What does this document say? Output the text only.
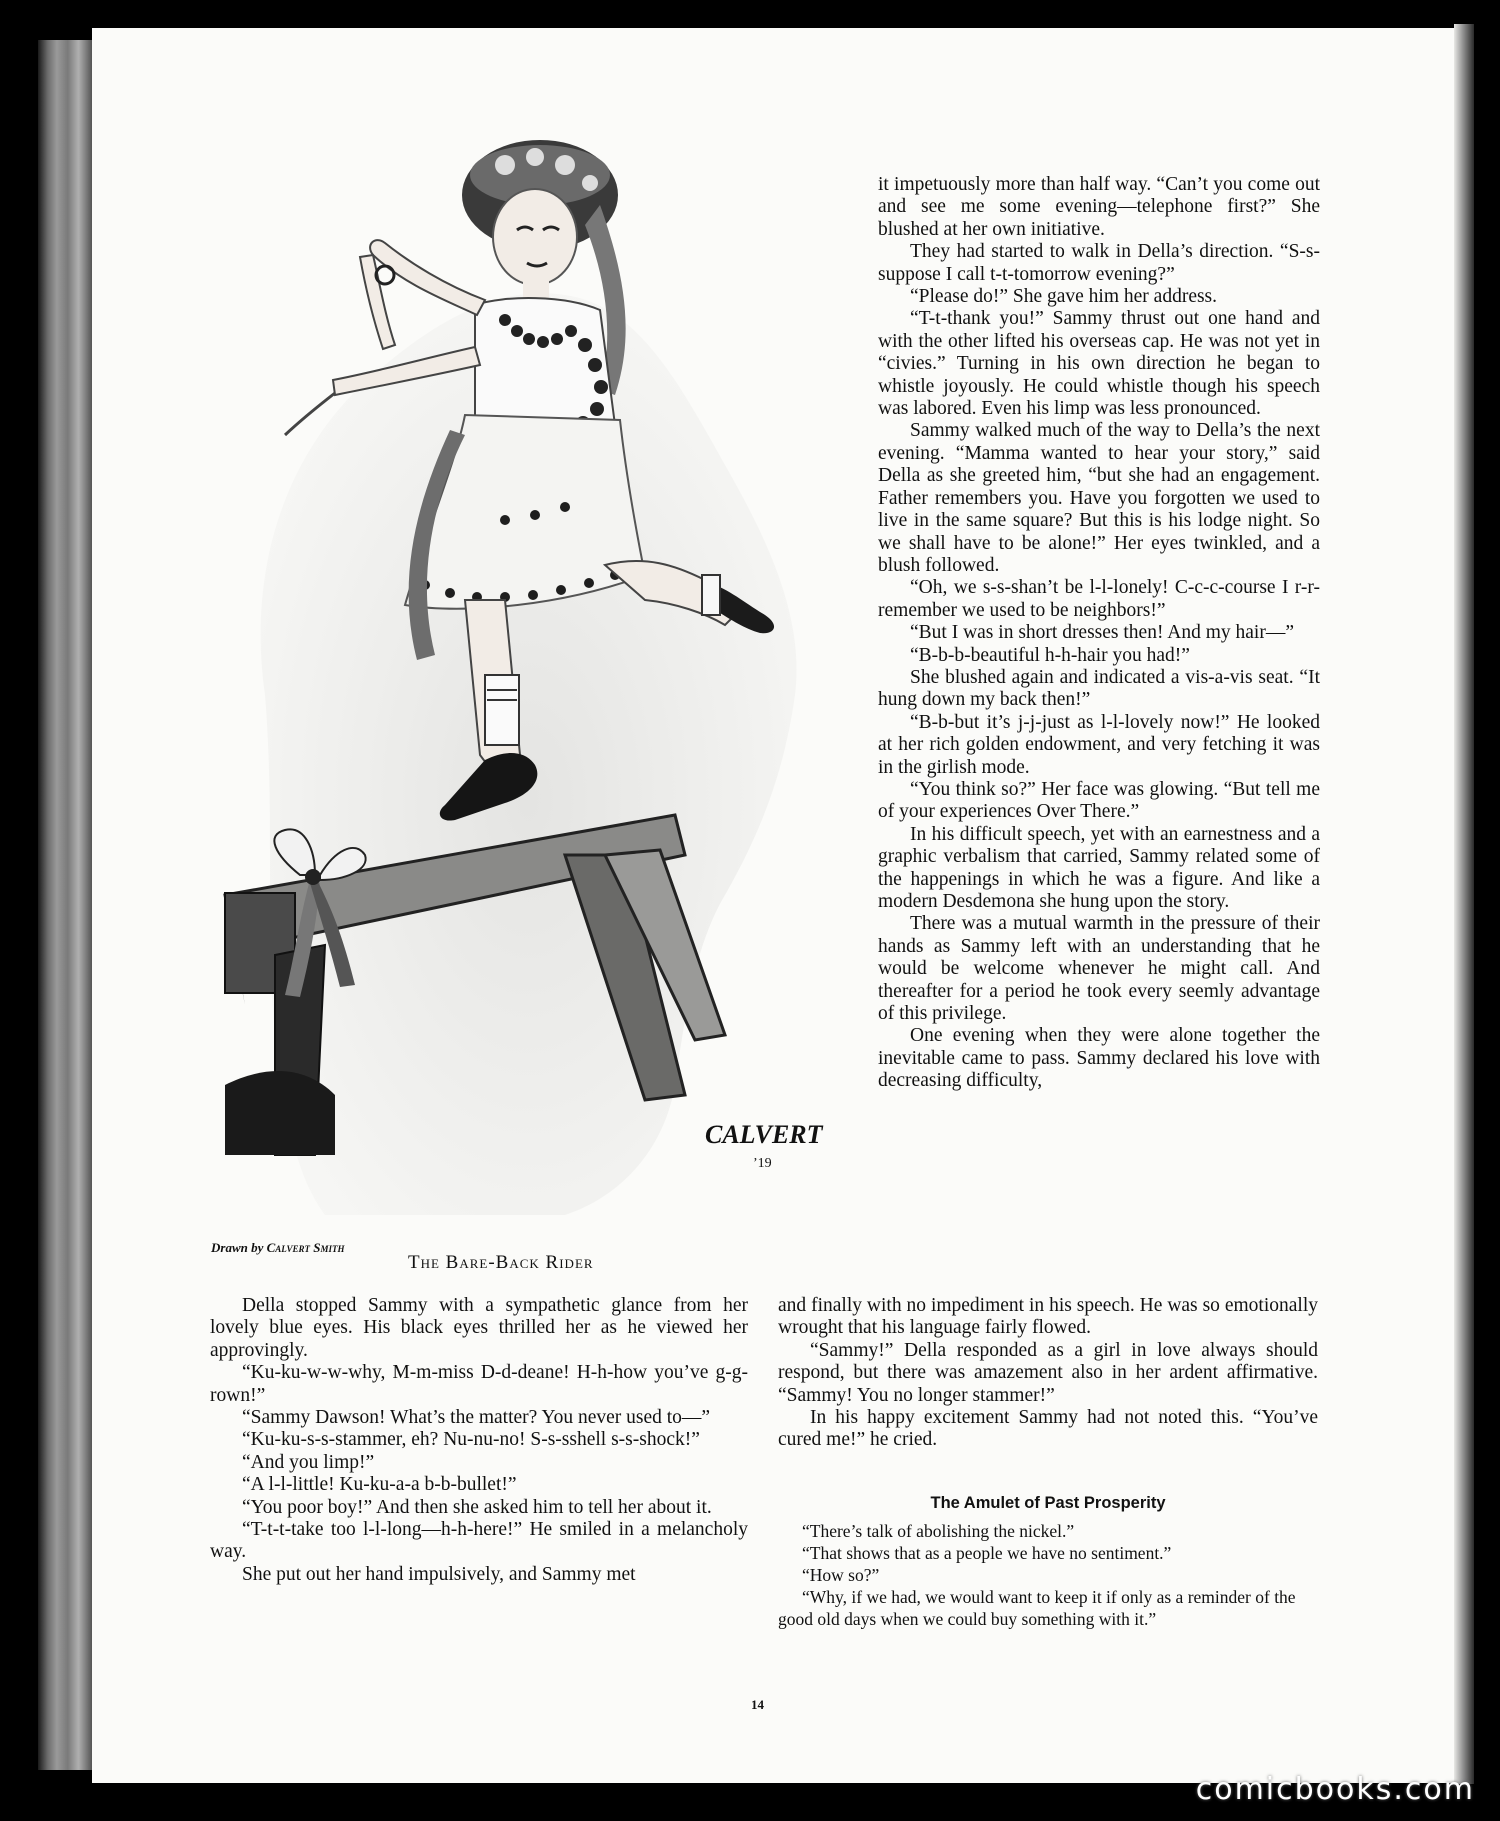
CALVERT
’19
Drawn by Calvert Smith
The Bare-Back Rider

it impetuously more than half way. “Can’t you come out and see me some evening—telephone first?” She blushed at her own initiative.

They had started to walk in Della’s direction. “S-s-suppose I call t-t-tomorrow evening?”

“Please do!” She gave him her address.

“T-t-thank you!” Sammy thrust out one hand and with the other lifted his overseas cap. He was not yet in “civies.” Turning in his own direction he began to whistle joyously. He could whistle though his speech was labored. Even his limp was less pronounced.

Sammy walked much of the way to Della’s the next evening. “Mamma wanted to hear your story,” said Della as she greeted him, “but she had an engagement. Father remembers you. Have you forgotten we used to live in the same square? But this is his lodge night. So we shall have to be alone!” Her eyes twinkled, and a blush followed.

“Oh, we s-s-shan’t be l-l-lonely! C-c-c-course I r-r-remember we used to be neighbors!”

“But I was in short dresses then! And my hair—”

“B-b-b-beautiful h-h-hair you had!”

She blushed again and indicated a vis-a-vis seat. “It hung down my back then!”

“B-b-but it’s j-j-just as l-l-lovely now!” He looked at her rich golden endowment, and very fetching it was in the girlish mode.

“You think so?” Her face was glowing. “But tell me of your experiences Over There.”

In his difficult speech, yet with an earnestness and a graphic verbalism that carried, Sammy related some of the happenings in which he was a figure. And like a modern Desdemona she hung upon the story.

There was a mutual warmth in the pressure of their hands as Sammy left with an understanding that he would be welcome whenever he might call. And thereafter for a period he took every seemly advantage of this privilege.

One evening when they were alone together the inevitable came to pass. Sammy declared his love with decreasing difficulty,

Della stopped Sammy with a sympathetic glance from her lovely blue eyes. His black eyes thrilled her as he viewed her approvingly.

“Ku-ku-w-w-why, M-m-miss D-d-deane! H-h-how you’ve g-g-rown!”

“Sammy Dawson! What’s the matter? You never used to—”

“Ku-ku-s-s-stammer, eh? Nu-nu-no! S-s-sshell s-s-shock!”

“And you limp!”

“A l-l-little! Ku-ku-a-a b-b-bullet!”

“You poor boy!” And then she asked him to tell her about it.

“T-t-t-take too l-l-long—h-h-here!” He smiled in a melancholy way.

She put out her hand impulsively, and Sammy met

and finally with no impediment in his speech. He was so emotionally wrought that his language fairly flowed.

“Sammy!” Della responded as a girl in love always should respond, but there was amazement also in her ardent affirmative. “Sammy! You no longer stammer!”

In his happy excitement Sammy had not noted this. “You’ve cured me!” he cried.

The Amulet of Past Prosperity

“There’s talk of abolishing the nickel.”

“That shows that as a people we have no sentiment.”

“How so?”

“Why, if we had, we would want to keep it if only as a reminder of the good old days when we could buy something with it.”

14
comicbooks.com
